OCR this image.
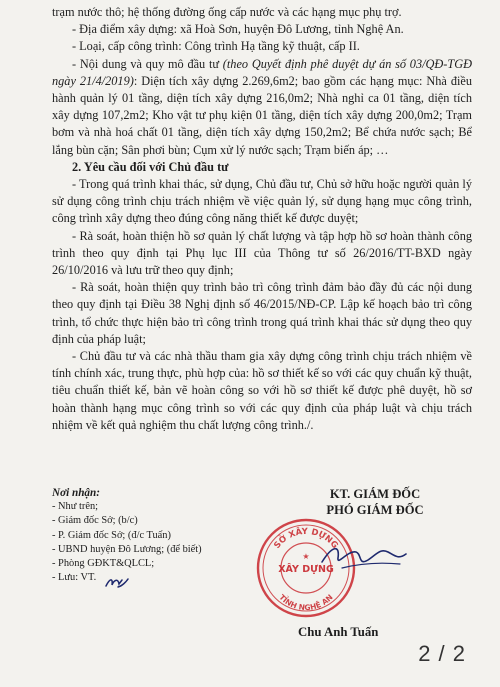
trạm nước thô; hệ thống đường ống cấp nước và các hạng mục phụ trợ.

- Địa điểm xây dựng: xã Hoà Sơn, huyện Đô Lương, tỉnh Nghệ An.

- Loại, cấp công trình: Công trình Hạ tầng kỹ thuật, cấp II.

- Nội dung và quy mô đầu tư (theo Quyết định phê duyệt dự án số 03/QĐ-TGĐ ngày 21/4/2019): Diện tích xây dựng 2.269,6m2; bao gồm các hạng mục: Nhà điều hành quản lý 01 tầng, diện tích xây dựng 216,0m2; Nhà nghỉ ca 01 tầng, diện tích xây dựng 107,2m2; Kho vật tư phụ kiện 01 tầng, diện tích xây dựng 200,0m2; Trạm bơm và nhà hoá chất 01 tầng, diện tích xây dựng 150,2m2; Bể chứa nước sạch; Bể lắng bùn cặn; Sân phơi bùn; Cụm xử lý nước sạch; Trạm biến áp; …

2. Yêu cầu đối với Chủ đầu tư

- Trong quá trình khai thác, sử dụng, Chủ đầu tư, Chủ sở hữu hoặc người quản lý sử dụng công trình chịu trách nhiệm về việc quản lý, sử dụng hạng mục công trình, công trình xây dựng theo đúng công năng thiết kế được duyệt;

- Rà soát, hoàn thiện hồ sơ quản lý chất lượng và tập hợp hồ sơ hoàn thành công trình theo quy định tại Phụ lục III của Thông tư số 26/2016/TT-BXD ngày 26/10/2016 và lưu trữ theo quy định;

- Rà soát, hoàn thiện quy trình bảo trì công trình đảm bảo đầy đủ các nội dung theo quy định tại Điều 38 Nghị định số 46/2015/NĐ-CP. Lập kế hoạch bảo trì công trình, tổ chức thực hiện bảo trì công trình trong quá trình khai thác sử dụng theo quy định của pháp luật;

- Chủ đầu tư và các nhà thầu tham gia xây dựng công trình chịu trách nhiệm về tính chính xác, trung thực, phù hợp của: hồ sơ thiết kế so với các quy chuẩn kỹ thuật, tiêu chuẩn thiết kế, bản vẽ hoàn công so với hồ sơ thiết kế được phê duyệt, hồ sơ hoàn thành hạng mục công trình so với các quy định của pháp luật và chịu trách nhiệm về kết quả nghiệm thu chất lượng công trình./.

Nơi nhận:
- Như trên;
- Giám đốc Sở; (b/c)
- P. Giám đốc Sở; (đ/c Tuấn)
- UBND huyện Đô Lương; (để biết)
- Phòng GĐKT&QLCL;
- Lưu: VT.
KT. GIÁM ĐỐC
PHÓ GIÁM ĐỐC
SỞ XÂY DỰNG
XÂY DỰNG
TỈNH NGHỆ AN
★
Chu Anh Tuấn
2 / 2
